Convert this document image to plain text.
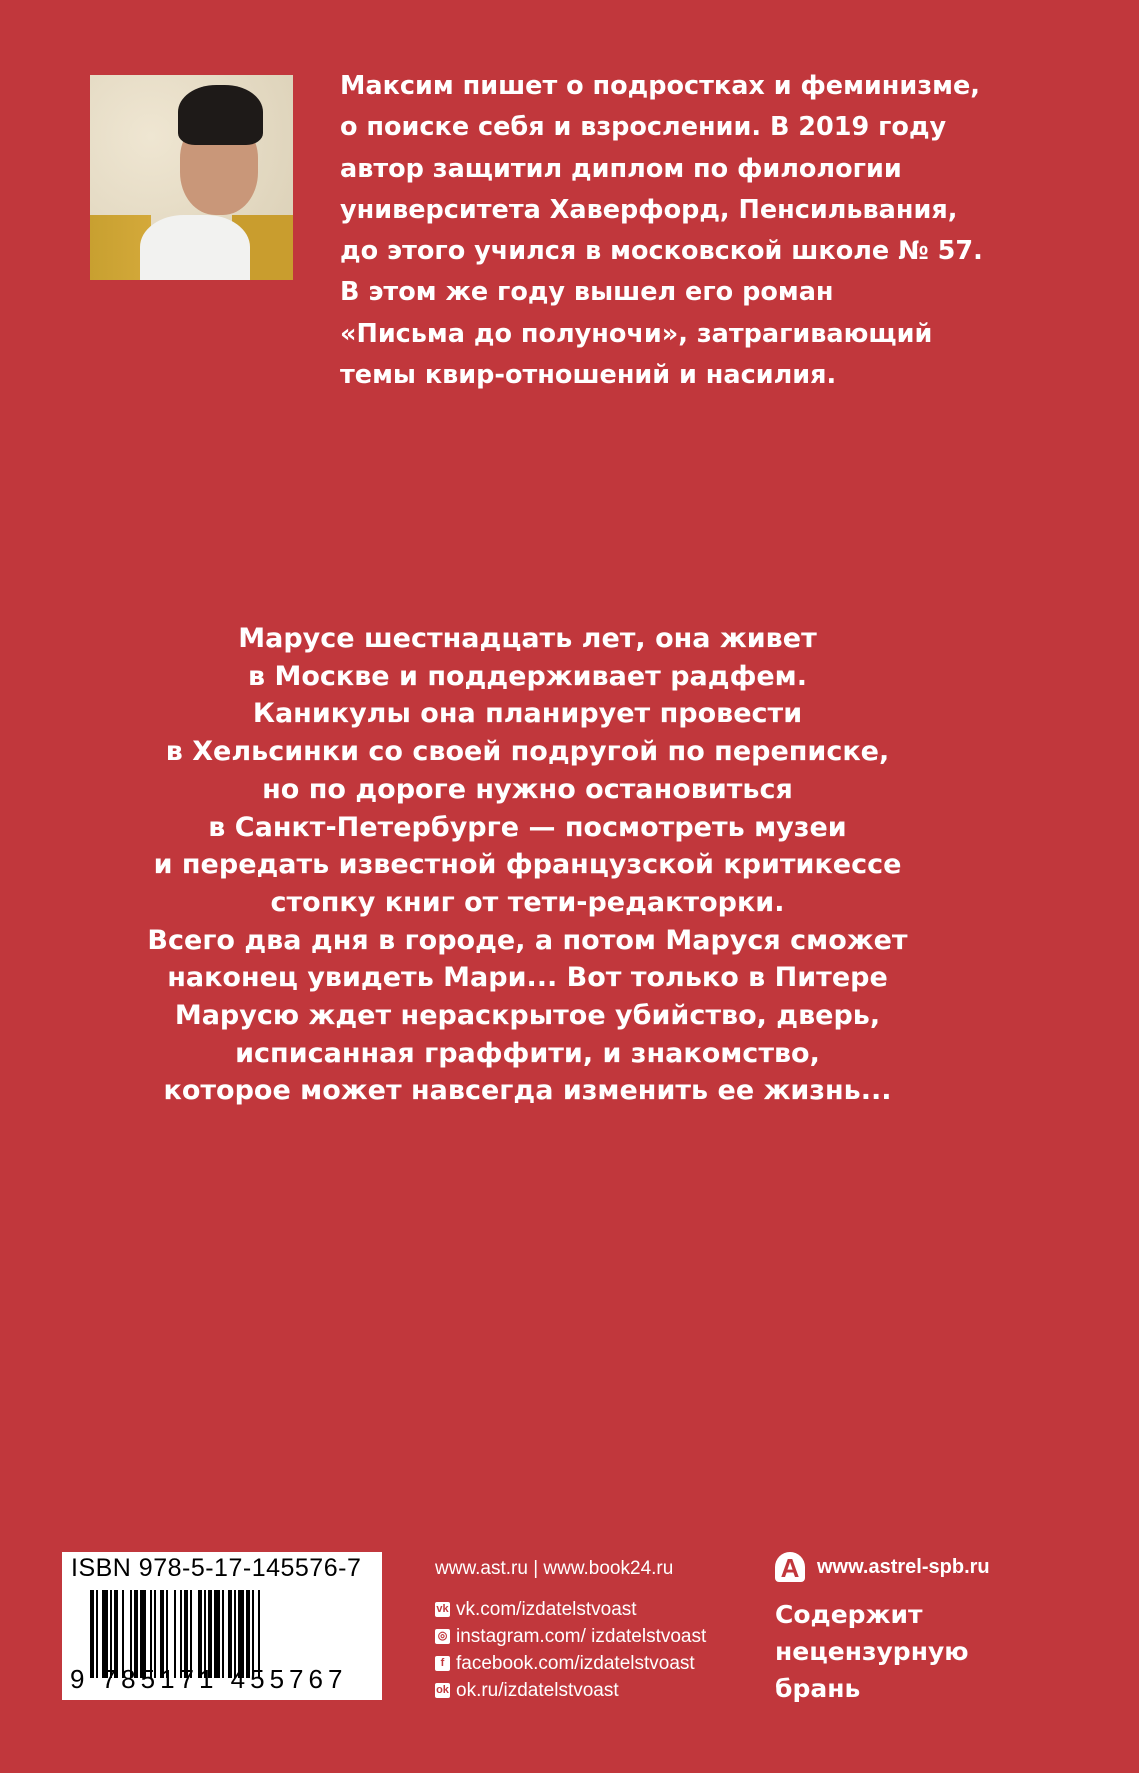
Максим пишет о подростках и феминизме,
о поиске себя и взрослении. В 2019 году
автор защитил диплом по филологии
университета Хаверфорд, Пенсильвания,
до этого учился в московской школе № 57.
В этом же году вышел его роман
«Письма до полуночи», затрагивающий
темы квир-отношений и насилия.
Марусе шестнадцать лет, она живет
в Москве и поддерживает радфем.
Каникулы она планирует провести
в Хельсинки со своей подругой по переписке,
но по дороге нужно остановиться
в Санкт-Петербурге — посмотреть музеи
и передать известной французской критикессе
стопку книг от тети-редакторки.
Всего два дня в городе, а потом Маруся сможет
наконец увидеть Мари... Вот только в Питере
Марусю ждет нераскрытое убийство, дверь,
исписанная граффити, и знакомство,
которое может навсегда изменить ее жизнь...
ISBN 978-5-17-145576-7
9 785171 455767
www.ast.ru | www.book24.ru
vk vk.com/izdatelstvoast
◎ instagram.com/ izdatelstvoast
f facebook.com/izdatelstvoast
ok ok.ru/izdatelstvoast
A www.astrel-spb.ru
Содержит
нецензурную
брань
